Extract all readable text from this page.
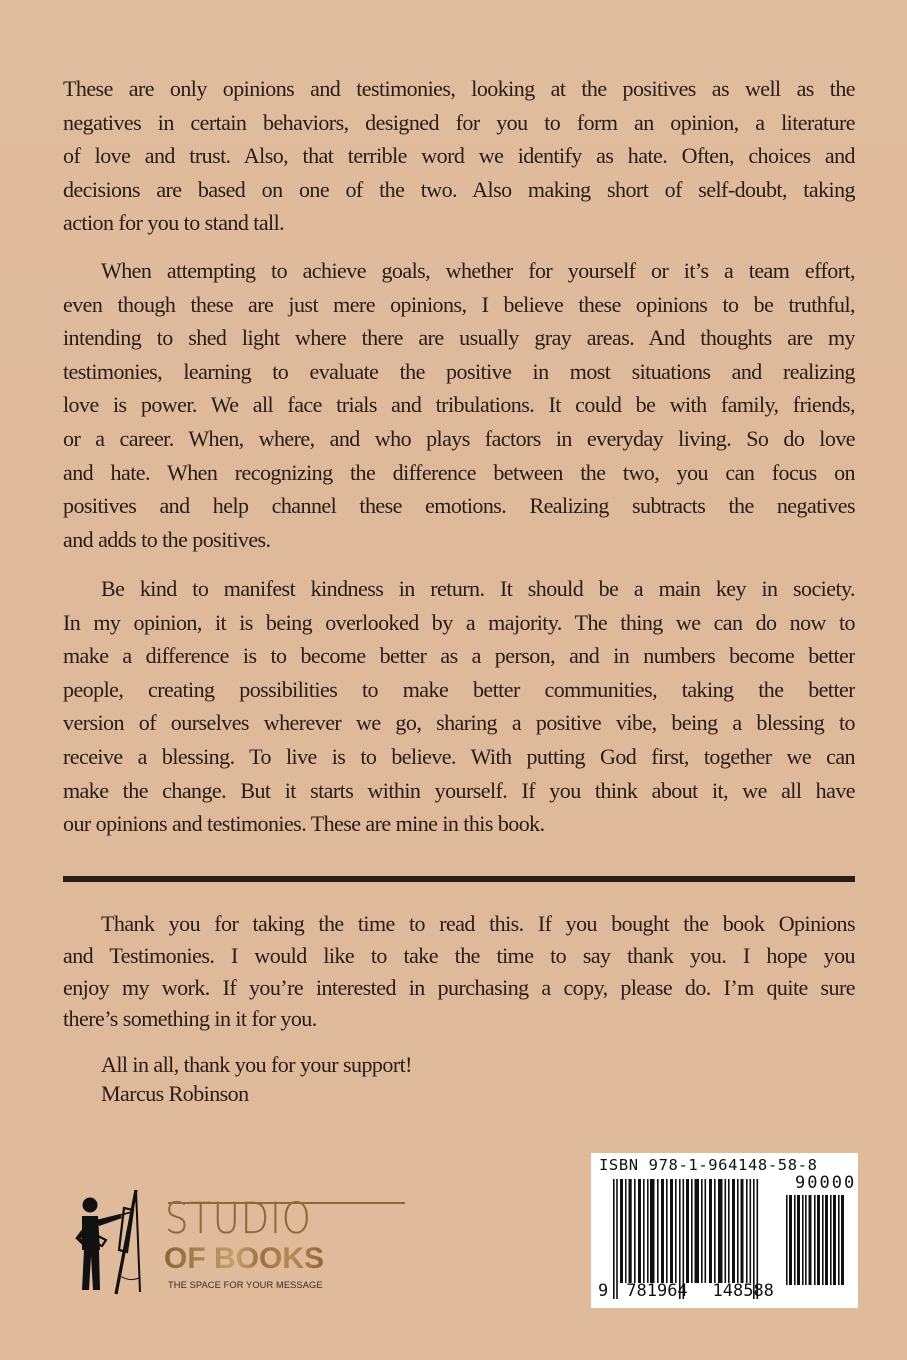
These are only opinions and testimonies, looking at the positives as well as the
negatives in certain behaviors, designed for you to form an opinion, a literature
of love and trust. Also, that terrible word we identify as hate. Often, choices and
decisions are based on one of the two. Also making short of self-doubt, taking
action for you to stand tall.
When attempting to achieve goals, whether for yourself or it’s a team effort,
even though these are just mere opinions, I believe these opinions to be truthful,
intending to shed light where there are usually gray areas. And thoughts are my
testimonies, learning to evaluate the positive in most situations and realizing
love is power. We all face trials and tribulations. It could be with family, friends,
or a career. When, where, and who plays factors in everyday living. So do love
and hate. When recognizing the difference between the two, you can focus on
positives and help channel these emotions. Realizing subtracts the negatives
and adds to the positives.
Be kind to manifest kindness in return. It should be a main key in society.
In my opinion, it is being overlooked by a majority. The thing we can do now to
make a difference is to become better as a person, and in numbers become better
people, creating possibilities to make better communities, taking the better
version of ourselves wherever we go, sharing a positive vibe, being a blessing to
receive a blessing. To live is to believe. With putting God first, together we can
make the change. But it starts within yourself. If you think about it, we all have
our opinions and testimonies. These are mine in this book.
Thank you for taking the time to read this. If you bought the book Opinions
and Testimonies. I would like to take the time to say thank you. I hope you
enjoy my work. If you’re interested in purchasing a copy, please do. I’m quite sure
there’s something in it for you.
All in all, thank you for your support!
Marcus Robinson
STUDIO
OF BOOKS
THE SPACE FOR YOUR MESSAGE
ISBN 978-1-964148-58-8
90000
9 781964 148588
